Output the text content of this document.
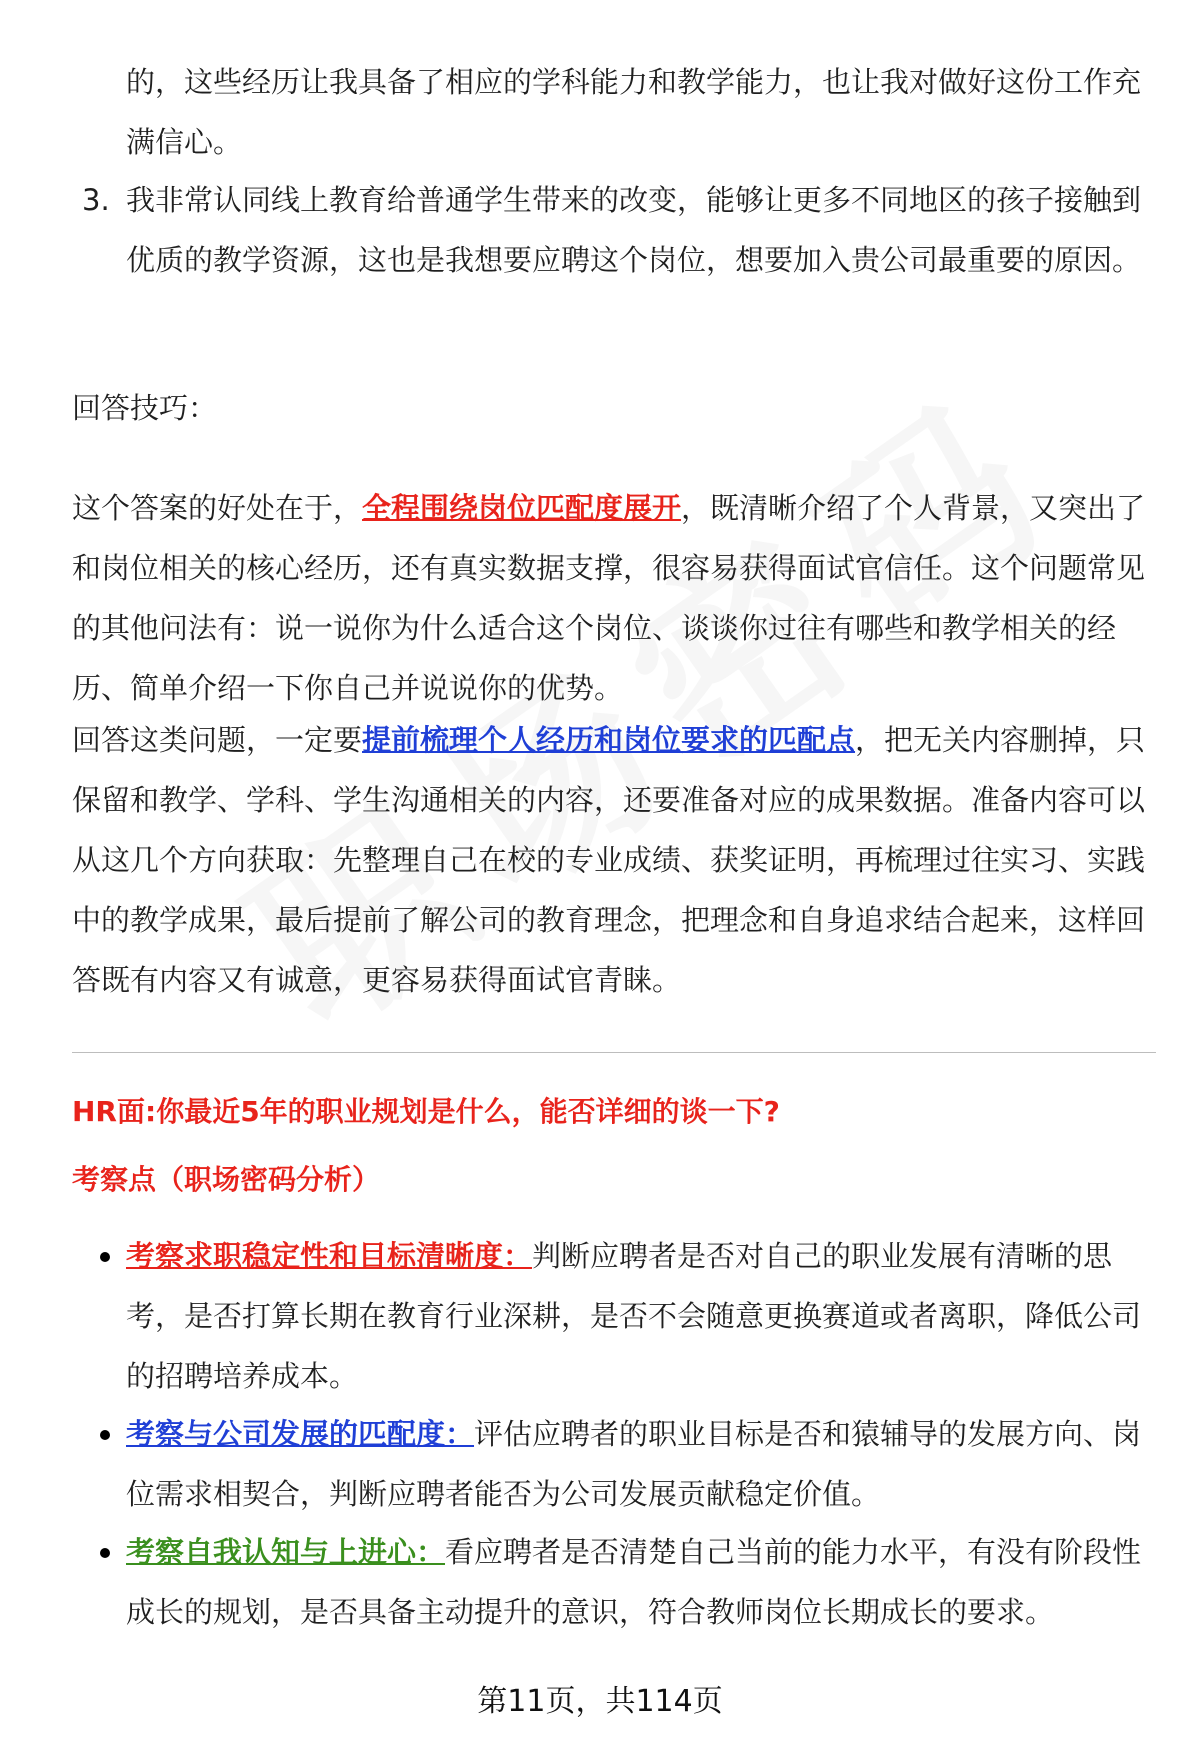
的，这些经历让我具备了相应的学科能力和教学能力，也让我对做好这份工作充满信心。

3. 我非常认同线上教育给普通学生带来的改变，能够让更多不同地区的孩子接触到优质的教学资源，这也是我想要应聘这个岗位，想要加入贵公司最重要的原因。

回答技巧：

这个答案的好处在于，全程围绕岗位匹配度展开，既清晰介绍了个人背景，又突出了和岗位相关的核心经历，还有真实数据支撑，很容易获得面试官信任。这个问题常见的其他问法有：说一说你为什么适合这个岗位、谈谈你过往有哪些和教学相关的经历、简单介绍一下你自己并说说你的优势。

回答这类问题，一定要提前梳理个人经历和岗位要求的匹配点，把无关内容删掉，只保留和教学、学科、学生沟通相关的内容，还要准备对应的成果数据。准备内容可以从这几个方向获取：先整理自己在校的专业成绩、获奖证明，再梳理过往实习、实践中的教学成果，最后提前了解公司的教育理念，把理念和自身追求结合起来，这样回答既有内容又有诚意，更容易获得面试官青睐。

HR面:你最近5年的职业规划是什么，能否详细的谈一下?

考察点（职场密码分析）

考察求职稳定性和目标清晰度：判断应聘者是否对自己的职业发展有清晰的思考，是否打算长期在教育行业深耕，是否不会随意更换赛道或者离职，降低公司的招聘培养成本。
考察与公司发展的匹配度：评估应聘者的职业目标是否和猿辅导的发展方向、岗位需求相契合，判断应聘者能否为公司发展贡献稳定价值。
考察自我认知与上进心：看应聘者是否清楚自己当前的能力水平，有没有阶段性成长的规划，是否具备主动提升的意识，符合教师岗位长期成长的要求。
第11页，共114页
